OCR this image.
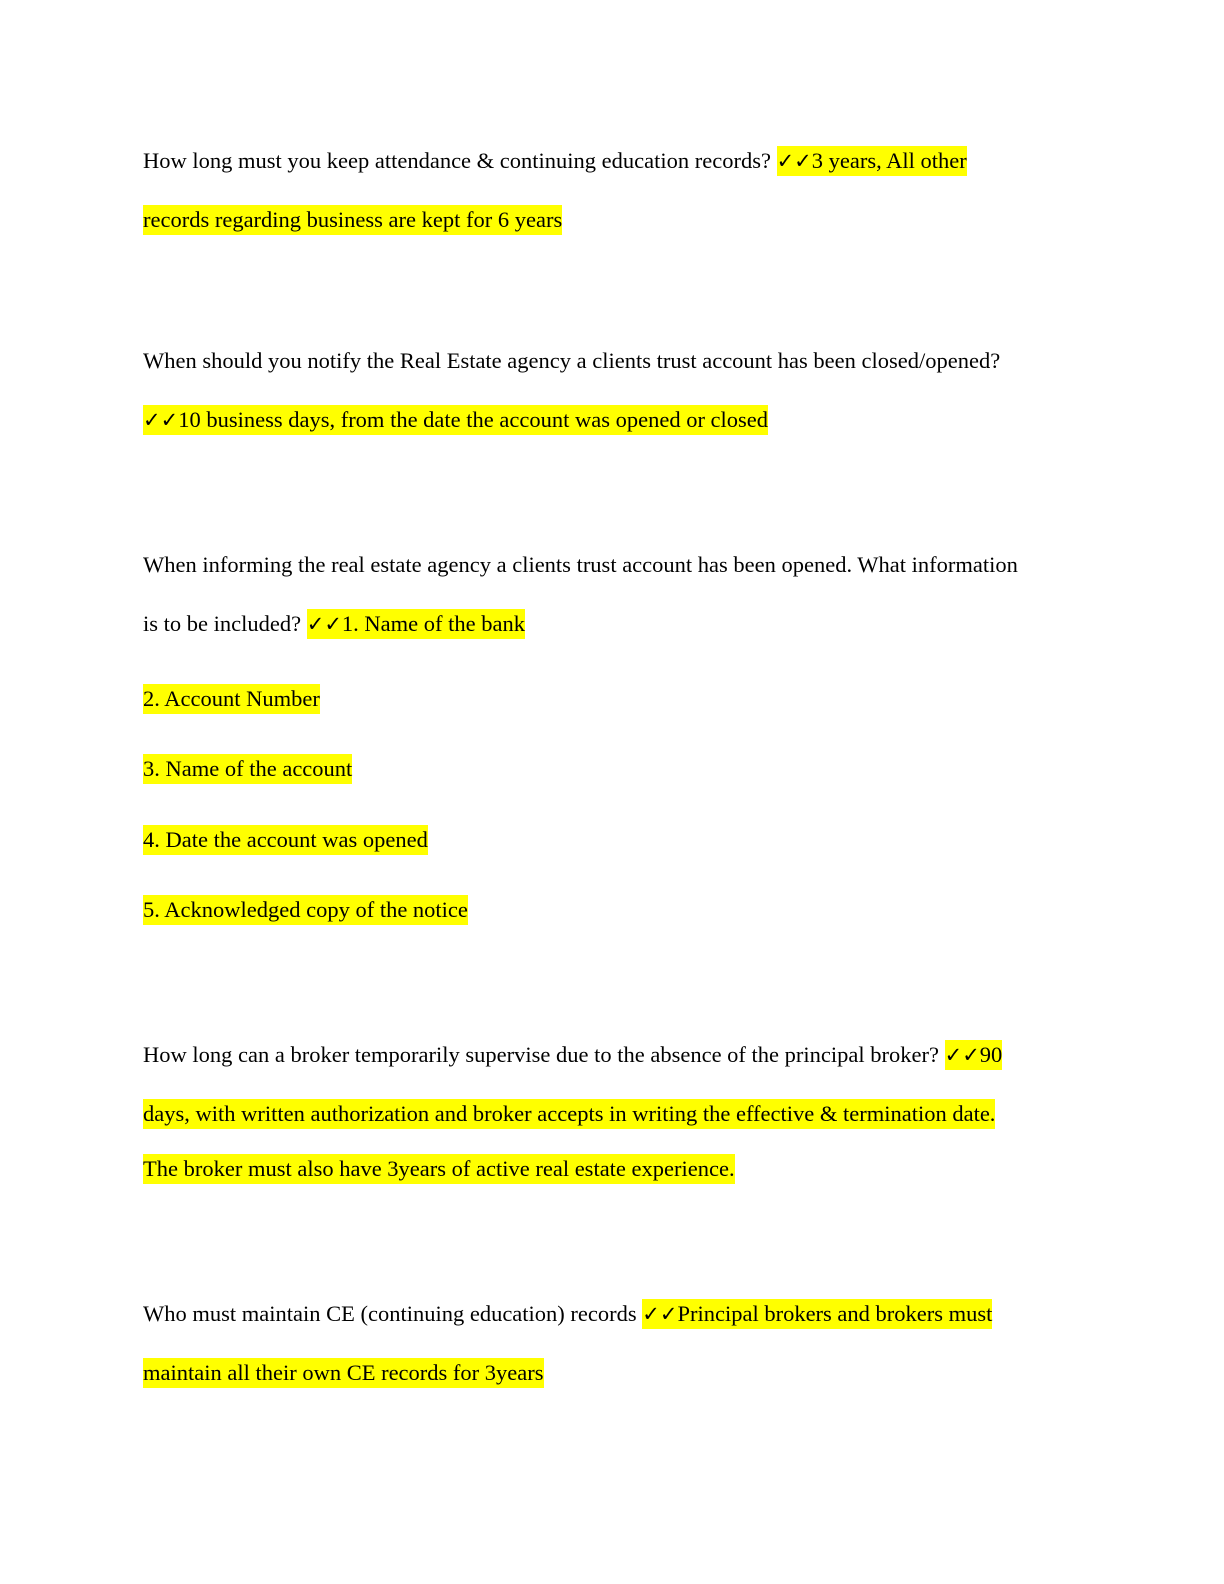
How long must you keep attendance & continuing education records? ✓✓3 years, All other
records regarding business are kept for 6 years
When should you notify the Real Estate agency a clients trust account has been closed/opened?
✓✓10 business days, from the date the account was opened or closed
When informing the real estate agency a clients trust account has been opened. What information
is to be included? ✓✓1. Name of the bank
2. Account Number
3. Name of the account
4. Date the account was opened
5. Acknowledged copy of the notice
How long can a broker temporarily supervise due to the absence of the principal broker? ✓✓90
days, with written authorization and broker accepts in writing the effective & termination date.
The broker must also have 3years of active real estate experience.
Who must maintain CE (continuing education) records ✓✓Principal brokers and brokers must
maintain all their own CE records for 3years
